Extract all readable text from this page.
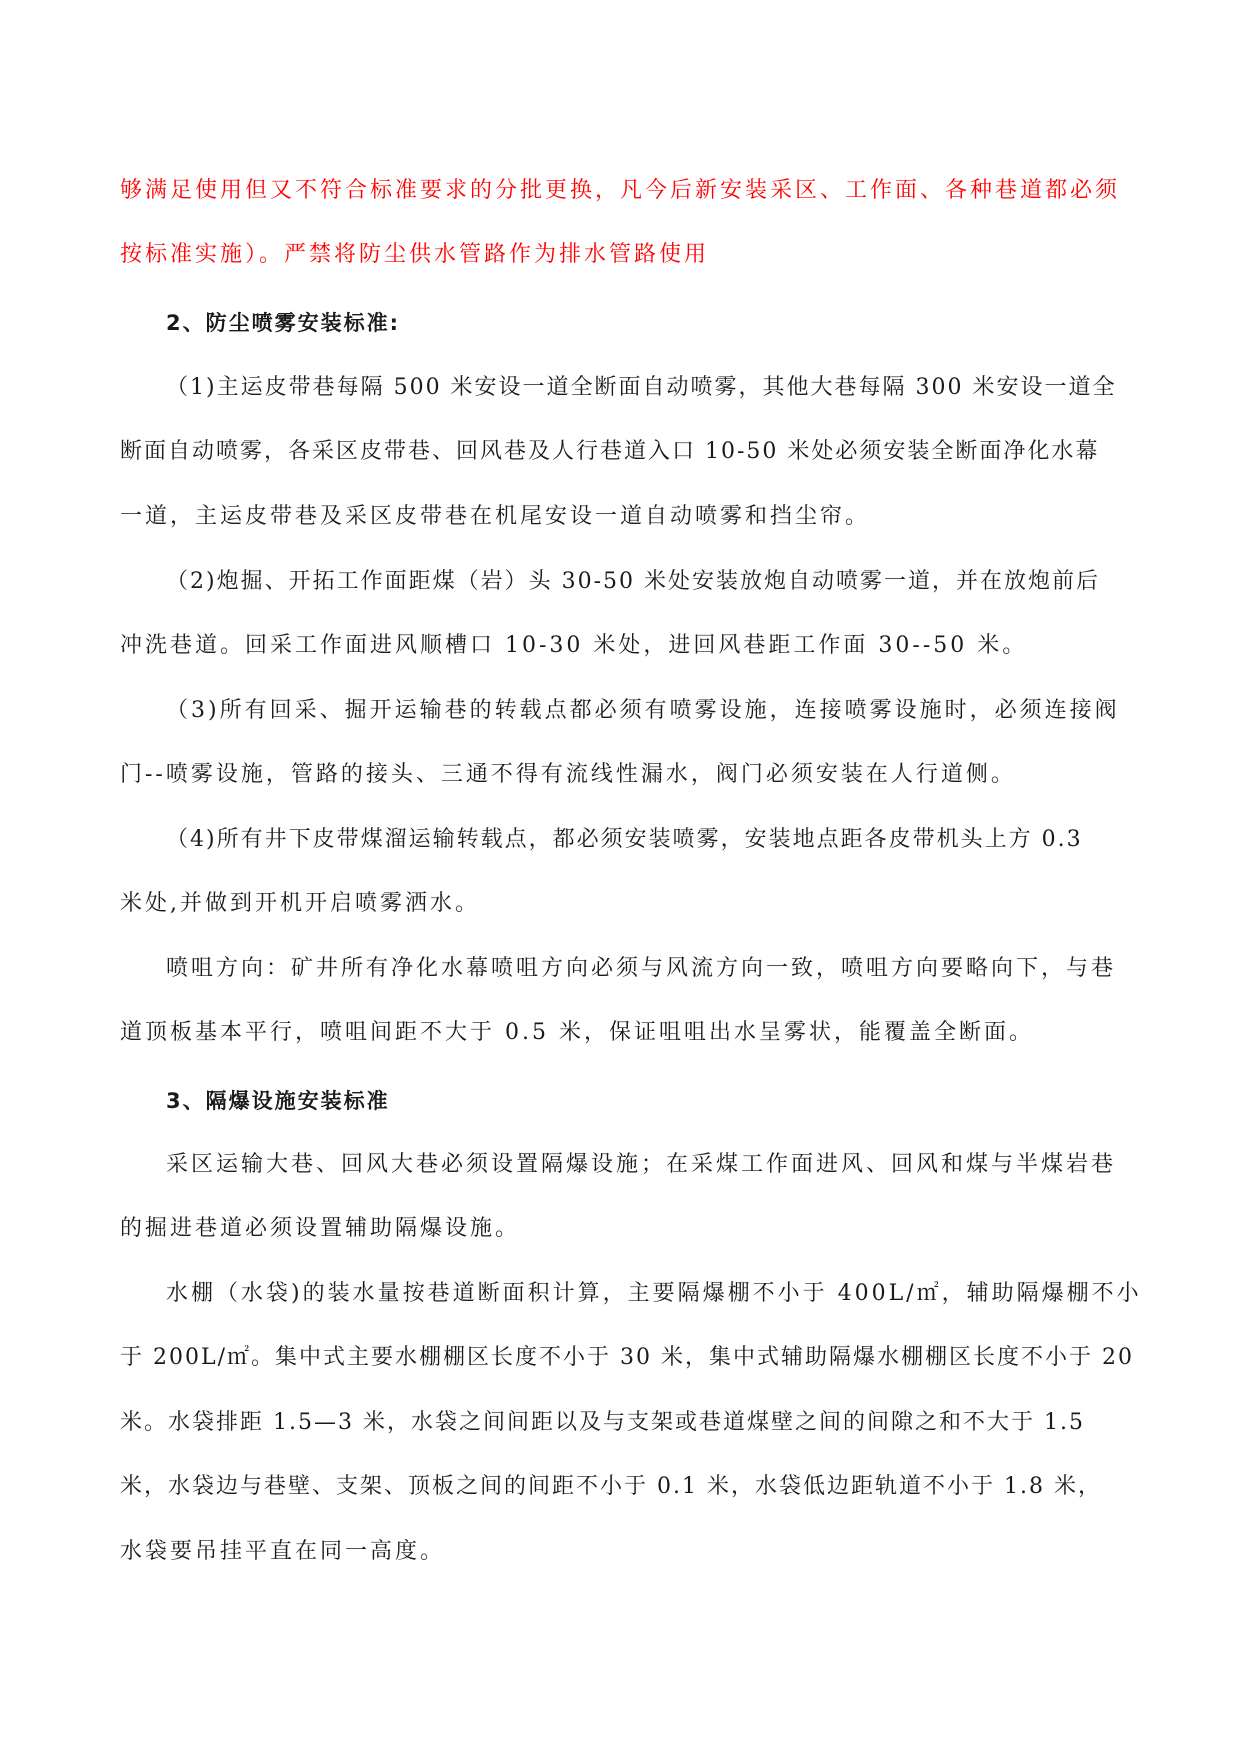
够满足使用但又不符合标准要求的分批更换，凡今后新安装采区、工作面、各种巷道都必须
按标准实施）。严禁将防尘供水管路作为排水管路使用
2、防尘喷雾安装标准:
（1)主运皮带巷每隔 500 米安设一道全断面自动喷雾，其他大巷每隔 300 米安设一道全
断面自动喷雾，各采区皮带巷、回风巷及人行巷道入口 10-50 米处必须安装全断面净化水幕
一道，主运皮带巷及采区皮带巷在机尾安设一道自动喷雾和挡尘帘。
（2)炮掘、开拓工作面距煤（岩）头 30-50 米处安装放炮自动喷雾一道，并在放炮前后
冲洗巷道。回采工作面进风顺槽口 10-30 米处，进回风巷距工作面 30--50 米。
（3)所有回采、掘开运输巷的转载点都必须有喷雾设施，连接喷雾设施时，必须连接阀
门--喷雾设施，管路的接头、三通不得有流线性漏水，阀门必须安装在人行道侧。
（4)所有井下皮带煤溜运输转载点，都必须安装喷雾，安装地点距各皮带机头上方 0.3
米处,并做到开机开启喷雾洒水。
喷咀方向：矿井所有净化水幕喷咀方向必须与风流方向一致，喷咀方向要略向下，与巷
道顶板基本平行，喷咀间距不大于 0.5 米，保证咀咀出水呈雾状，能覆盖全断面。
3、隔爆设施安装标准
采区运输大巷、回风大巷必须设置隔爆设施；在采煤工作面进风、回风和煤与半煤岩巷
的掘进巷道必须设置辅助隔爆设施。
水棚（水袋)的装水量按巷道断面积计算，主要隔爆棚不小于 400L/㎡，辅助隔爆棚不小
于 200L/㎡。集中式主要水棚棚区长度不小于 30 米，集中式辅助隔爆水棚棚区长度不小于 20
米。水袋排距 1.5—3 米，水袋之间间距以及与支架或巷道煤壁之间的间隙之和不大于 1.5
米，水袋边与巷壁、支架、顶板之间的间距不小于 0.1 米，水袋低边距轨道不小于 1.8 米，
水袋要吊挂平直在同一高度。
